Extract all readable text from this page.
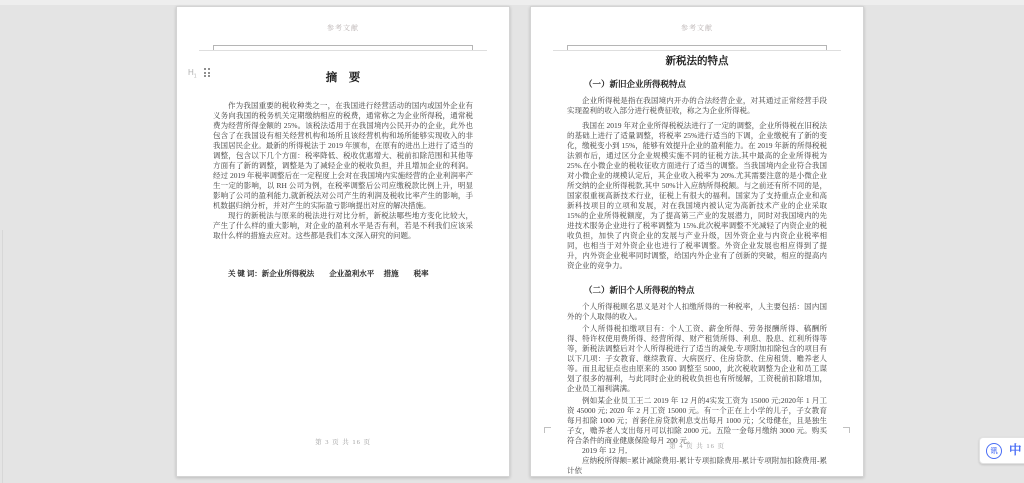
参考文献
摘　要

作为我国重要的税收种类之一，在我国进行经营活动的国内或国外企业有义务向我国的税务机关定期缴纳相应的税费，通常称之为企业所得税，通常税费为经营所得金额的 25%。该税法适用于在我国境内公民开办的企业，此外也包含了在我国设有相关经营机构和场所且该经营机构和场所能够实现收入的非我国居民企业。最新的所得税法于 2019 年颁布，在原有的进出上进行了适当的调整，包含以下几个方面：税率降低、税收优惠增大、税前扣除范围和其他等方面有了新的调整，调整是为了减轻企业的税收负担，并且增加企业的利润。经过 2019 年税率调整后在一定程度上会对在我国境内实施经营的企业利润率产生一定的影响，以 RH 公司为例，在税率调整后公司应缴税款比例上升，明显影响了公司的盈利能力,就新税法对公司产生的利润及税收比率产生的影响，手机数据归纳分析，并对产生的实际盈亏影响提出对应的解决措施。

现行的新税法与原来的税法进行对比分析，新税法哪些地方变化比较大，产生了什么样的重大影响，对企业的盈利水平是否有利，若是不利我们应该采取什么样的措施去应对。这些都是我们本文深入研究的问题。

关 键 词：新企业所得税法　　企业盈利水平　 措施　　税率

第 3 页 共 16 页
$H_1$
参考文献
新税法的特点
（一）新旧企业所得税特点

企业所得税是指在我国境内开办的合法经营企业，对其通过正常经营手段实现盈利的收入部分进行税费征收，称之为企业所得税。

我国在 2019 年对企业所得税税法进行了一定的调整，企业所得税在旧税法的基础上进行了适量调整，将税率 25%进行适当的下调，企业缴税有了新的变化，缴税变小到 15%，能够有效提升企业的盈利能力。在 2019 年新的所得税税法颁布后，通过区分企业规模实施不同的征税方法,其中最高的企业所得税为 25%.在小微企业的税收征收方面进行了适当的调整。当我国境内企业符合我国对小微企业的规模认定后，其企业收入税率为 20%.尤其需要注意的是小微企业所交纳的企业所得税款,其中 50%计入应纳所得税额。与之前还有所不同的是，国家很重视高新技术行业，征税上有很大的福利。国家为了支持重点企业和高新科技项目的立项和发展，对在我国境内被认定为高新技术产业的企业采取 15%的企业所得税额度，为了提高第三产业的发展潜力，同时对我国境内的先进技术服务企业进行了税率调整为 15%.此次税率调整不光减轻了内资企业的税收负担，加快了内资企业的发展与产业升级，因外资企业与内资企业税率相同，也相当于对外资企业也进行了税率调整。外资企业发展也相应得到了提升，内外资企业税率同时调整，给国内外企业有了创新的突破，相应的提高内资企业的竞争力。

（二）新旧个人所得税的特点

个人所得税顾名思义是对个人扣缴所得的一种税率，人主要包括：国内国外的个人取得的收入。

个人所得税扣缴项目有：个人工资、薪金所得、劳务报酬所得、稿酬所得、特许权使用费所得、经营所得、财产租赁所得、利息、股息、红利所得等等，新税法调整后对个人所得税进行了适当的减免.专项附加扣除包含的项目有以下几项：子女教育、继续教育、大病医疗、住房贷款、住房租赁、赡养老人等。而且起征点也由原来的 3500 调整至 5000，此次税收调整为企业和员工谋划了很多的福利，与此同时企业的税收负担也有所缓解，工资税前扣除增加，企业员工福利满满。

例如某企业员工王二 2019 年 12 月的4实发工资为 15000 元;2020年 1 月工资 45000 元; 2020 年 2 月工资 15000 元。有一个正在上小学的儿子，子女教育每月扣除 1000 元；首套住房贷款利息支出每月 1000 元；父母健在，且是独生子女，赡养老人支出每月可以扣除 2000 元。五险一金每月缴纳 3000 元。购买符合条件的商业健康保险每月 200 元。

2019 年 12 月,

应纳税所得额=累计减除费用-累计专项扣除费用-累计专项附加扣除费用-累计依

第 4 页 共 16 页
讯 中
